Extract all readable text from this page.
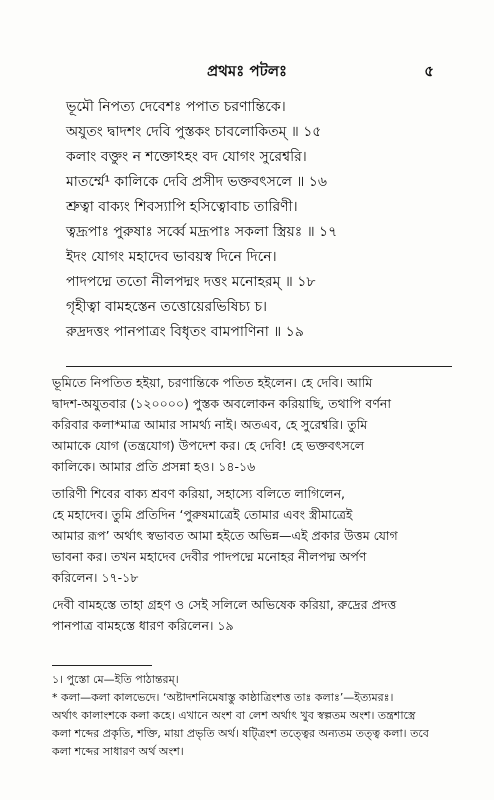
প্রথমঃ পটলঃ	৫
ভূমৌ নিপত্য দেবেশঃ পপাত চরণান্তিকে।
অযুতং দ্বাদশং দেবি পুস্তকং চাবলোকিতম্ ॥ ১৫
কলাং বক্তুং ন শক্তোঽহং বদ যোগং সুরেশ্বরি।
মাতর্ম্মে¹ কালিকে দেবি প্রসীদ ভক্তবৎসলে ॥ ১৬
শ্রুত্বা বাক্যং শিবস্যাপি হসিত্বোবাচ তারিণী।
ত্বদ্রূপাঃ পুরুষাঃ সর্ব্বে মদ্রূপাঃ সকলা স্ত্রিয়ঃ ॥ ১৭
ইদং যোগং মহাদেব ভাবয়স্ব দিনে দিনে।
পাদপদ্মে ততো নীলপদ্মং দত্তং মনোহরম্ ॥ ১৮
গৃহীত্বা বামহস্তেন তত্তোয়েরভিষিচ্য চ।
রুদ্রদত্তং পানপাত্রং বিধৃতং বামপাণিনা ॥ ১৯
ভূমিতে নিপতিত হইয়া, চরণান্তিকে পতিত হইলেন। হে দেবি। আমি
দ্বাদশ-অযুতবার (১২০০০০) পুস্তক অবলোকন করিয়াছি, তথাপি বর্ণনা
করিবার কলা*মাত্র আমার সামর্থ্য নাই। অতএব, হে সুরেশ্বরি। তুমি
আমাকে যোগ (তন্ত্রযোগ) উপদেশ কর। হে দেবি! হে ভক্তবৎসলে
কালিকে। আমার প্রতি প্রসন্না হও। ১৪-১৬
তারিণী শিবের বাক্য শ্রবণ করিয়া, সহাস্যে বলিতে লাগিলেন,
হে মহাদেব। তুমি প্রতিদিন ‘পুরুষমাত্রেই তোমার এবং স্ত্রীমাত্রেই
আমার রূপ’ অর্থাৎ স্বভাবত আমা হইতে অভিন্ন—এই প্রকার উত্তম যোগ
ভাবনা কর। তখন মহাদেব দেবীর পাদপদ্মে মনোহর নীলপদ্ম অর্পণ
করিলেন। ১৭-১৮
দেবী বামহস্তে তাহা গ্রহণ ও সেই সলিলে অভিষেক করিয়া, রুদ্রের প্রদত্ত
পানপাত্র বামহস্তে ধারণ করিলেন। ১৯
১। পুস্তো মে—ইতি পাঠান্তরম্।
* কলা—কলা কালভেদে। ‘অষ্টাদশনিমেষাস্তু কাষ্ঠাত্রিংশত্ত তাঃ কলাঃ’—ইত্যমরঃ।
অর্থাৎ কালাংশকে কলা কহে। এখানে অংশ বা লেশ অর্থাৎ খুব স্বল্পতম অংশ। তন্ত্রশাস্ত্রে
কলা শব্দের প্রকৃতি, শক্তি, মায়া প্রভৃতি অর্থ। ষট্ত্রিংশ তত্ত্বের অন্যতম তত্ত্ব কলা। তবে
কলা শব্দের সাধারণ অর্থ অংশ।
